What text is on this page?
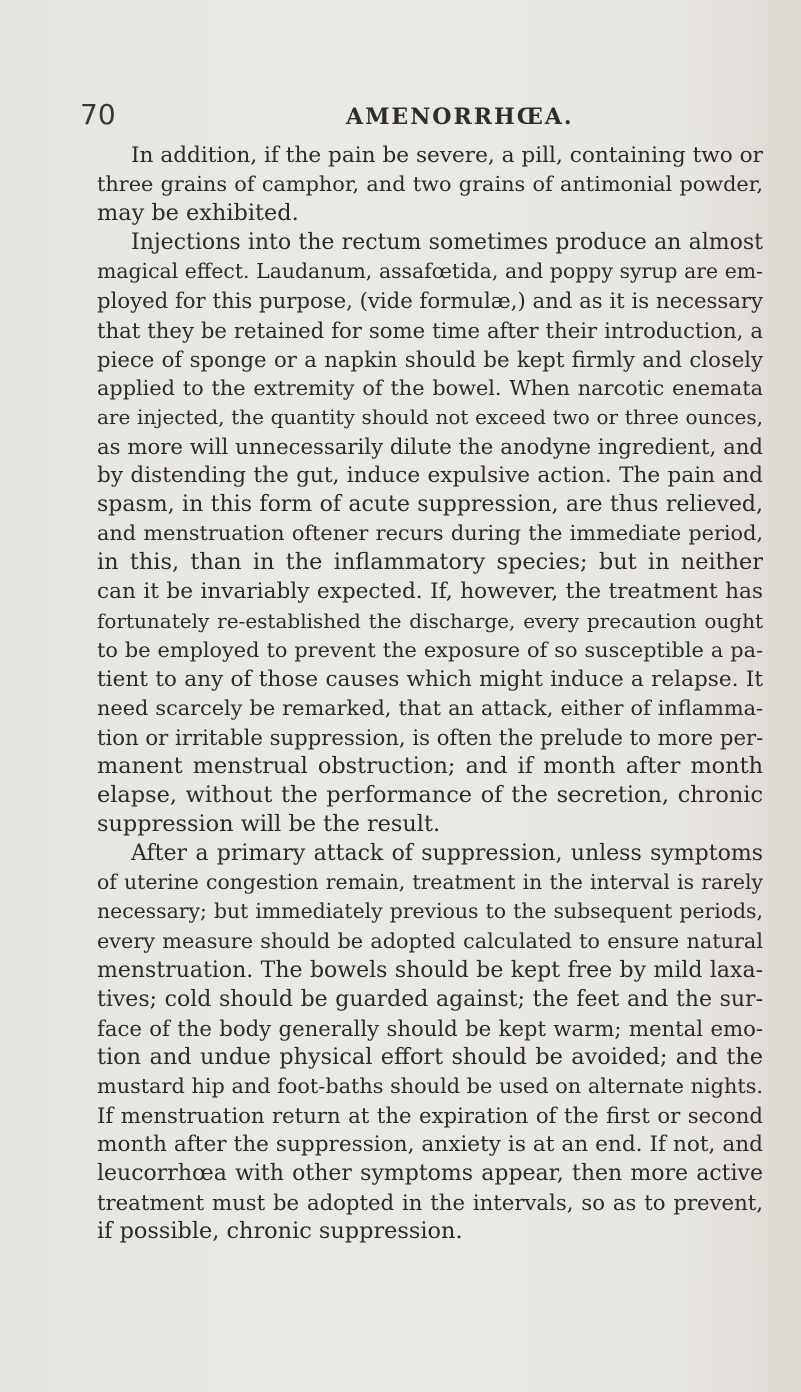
70	AMENORRHŒA.
In addition, if the pain be severe, a pill, containing two or
three grains of camphor, and two grains of antimonial powder,
may be exhibited.
Injections into the rectum sometimes produce an almost
magical effect. Laudanum, assafœtida, and poppy syrup are em-
ployed for this purpose, (vide formulæ,) and as it is necessary
that they be retained for some time after their introduction, a
piece of sponge or a napkin should be kept firmly and closely
applied to the extremity of the bowel. When narcotic enemata
are injected, the quantity should not exceed two or three ounces,
as more will unnecessarily dilute the anodyne ingredient, and
by distending the gut, induce expulsive action. The pain and
spasm, in this form of acute suppression, are thus relieved,
and menstruation oftener recurs during the immediate period,
in this, than in the inflammatory species; but in neither
can it be invariably expected. If, however, the treatment has
fortunately re-established the discharge, every precaution ought
to be employed to prevent the exposure of so susceptible a pa-
tient to any of those causes which might induce a relapse. It
need scarcely be remarked, that an attack, either of inflamma-
tion or irritable suppression, is often the prelude to more per-
manent menstrual obstruction; and if month after month
elapse, without the performance of the secretion, chronic
suppression will be the result.
After a primary attack of suppression, unless symptoms
of uterine congestion remain, treatment in the interval is rarely
necessary; but immediately previous to the subsequent periods,
every measure should be adopted calculated to ensure natural
menstruation. The bowels should be kept free by mild laxa-
tives; cold should be guarded against; the feet and the sur-
face of the body generally should be kept warm; mental emo-
tion and undue physical effort should be avoided; and the
mustard hip and foot-baths should be used on alternate nights.
If menstruation return at the expiration of the first or second
month after the suppression, anxiety is at an end. If not, and
leucorrhœa with other symptoms appear, then more active
treatment must be adopted in the intervals, so as to prevent,
if possible, chronic suppression.
